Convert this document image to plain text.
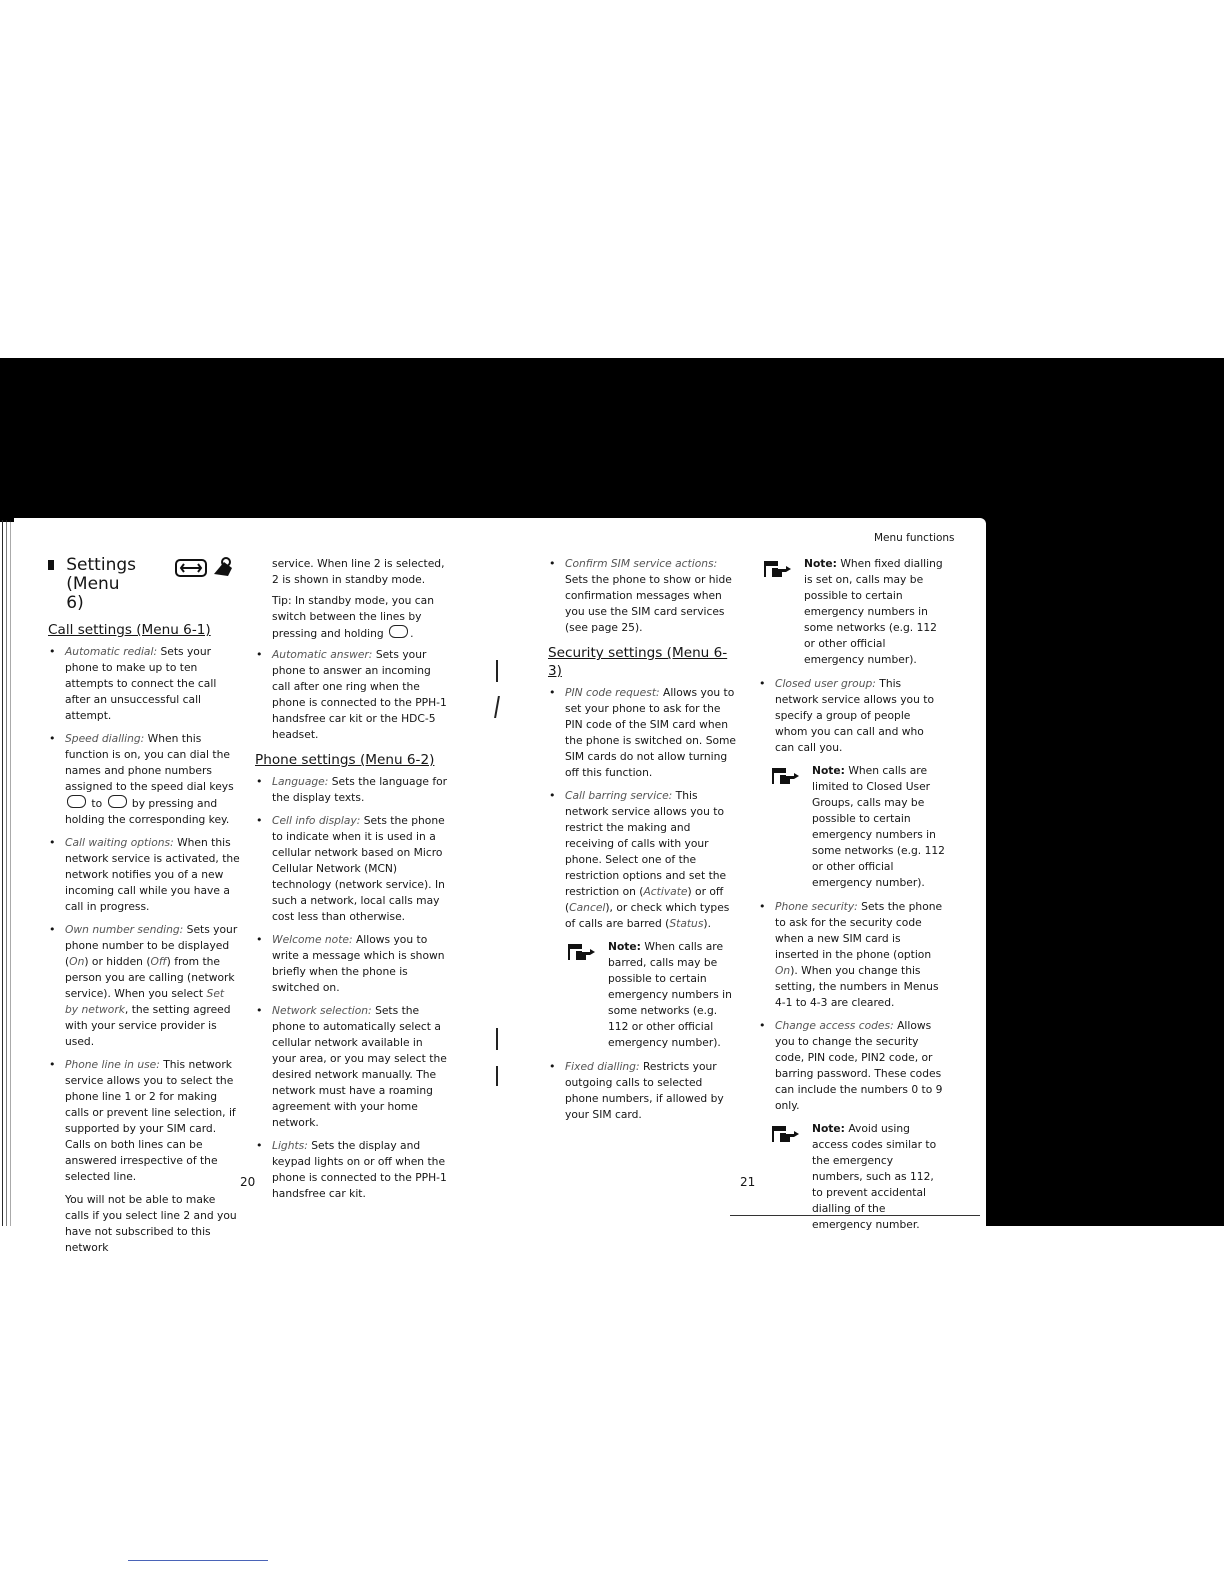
Menu functions
Settings
(Menu 6)
Call settings (Menu 6-1)
• Automatic redial: Sets your phone to make up to ten attempts to connect the call after an unsuccessful call attempt.
• Speed dialling: When this function is on, you can dial the names and phone numbers assigned to the speed dial keys  to  by pressing and holding the corresponding key.
• Call waiting options: When this network service is activated, the network notifies you of a new incoming call while you have a call in progress.
• Own number sending: Sets your phone number to be displayed (On) or hidden (Off) from the person you are calling (network service). When you select Set by network, the setting agreed with your service provider is used.
• Phone line in use: This network service allows you to select the phone line 1 or 2 for making calls or prevent line selection, if supported by your SIM card. Calls on both lines can be answered irrespective of the selected line.

You will not be able to make calls if you select line 2 and you have not subscribed to this network

service. When line 2 is selected, 2 is shown in standby mode.

Tip: In standby mode, you can switch between the lines by pressing and holding .

• Automatic answer: Sets your phone to answer an incoming call after one ring when the phone is connected to the PPH-1 handsfree car kit or the HDC-5 headset.
Phone settings (Menu 6-2)
• Language: Sets the language for the display texts.
• Cell info display: Sets the phone to indicate when it is used in a cellular network based on Micro Cellular Network (MCN) technology (network service). In such a network, local calls may cost less than otherwise.
• Welcome note: Allows you to write a message which is shown briefly when the phone is switched on.
• Network selection: Sets the phone to automatically select a cellular network available in your area, or you may select the desired network manually. The network must have a roaming agreement with your home network.
• Lights: Sets the display and keypad lights on or off when the phone is connected to the PPH-1 handsfree car kit.
20
• Confirm SIM service actions: Sets the phone to show or hide confirmation messages when you use the SIM card services (see page 25).
Security settings (Menu 6-3)
• PIN code request: Allows you to set your phone to ask for the PIN code of the SIM card when the phone is switched on. Some SIM cards do not allow turning off this function.
• Call barring service: This network service allows you to restrict the making and receiving of calls with your phone. Select one of the restriction options and set the restriction on (Activate) or off (Cancel), or check which types of calls are barred (Status).
Note: When calls are barred, calls may be possible to certain emergency numbers in some networks (e.g. 112 or other official emergency number).
• Fixed dialling: Restricts your outgoing calls to selected phone numbers, if allowed by your SIM card.
21
Note: When fixed dialling is set on, calls may be possible to certain emergency numbers in some networks (e.g. 112 or other official emergency number).
• Closed user group: This network service allows you to specify a group of people whom you can call and who can call you.
Note: When calls are limited to Closed User Groups, calls may be possible to certain emergency numbers in some networks (e.g. 112 or other official emergency number).
• Phone security: Sets the phone to ask for the security code when a new SIM card is inserted in the phone (option On). When you change this setting, the numbers in Menus 4-1 to 4-3 are cleared.
• Change access codes: Allows you to change the security code, PIN code, PIN2 code, or barring password. These codes can include the numbers 0 to 9 only.
Note: Avoid using access codes similar to the emergency numbers, such as 112, to prevent accidental dialling of the emergency number.
